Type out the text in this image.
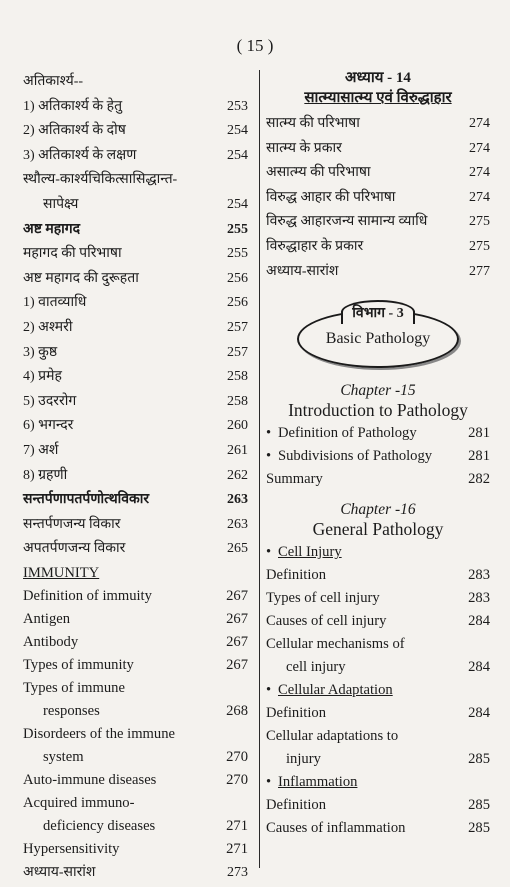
( 15 )
अतिकार्श्य--
1) अतिकार्श्य के हेतु	253
2) अतिकार्श्य के दोष	254
3) अतिकार्श्य के लक्षण	254
स्थौल्य-कार्श्यचिकित्सासिद्धान्त-
सापेक्ष्य	254
अष्ट महागद	255
महागद की परिभाषा	255
अष्ट महागद की दुरूहता	256
1) वातव्याधि	256
2) अश्मरी	257
3) कुष्ठ	257
4) प्रमेह	258
5) उदररोग	258
6) भगन्दर	260
7) अर्श	261
8) ग्रहणी	262
सन्तर्पणापतर्पणोत्थविकार	263
सन्तर्पणजन्य विकार	263
अपतर्पणजन्य विकार	265
IMMUNITY
Definition of immuity	267
Antigen	267
Antibody	267
Types of immunity	267
Types of immune
responses	268
Disordeers of the immune
system	270
Auto-immune diseases	270
Acquired immuno-
deficiency diseases	271
Hypersensitivity	271
अध्याय-सारांश	273
अध्याय - 14
सात्म्यासात्म्य एवं विरुद्धाहार
सात्म्य की परिभाषा	274
सात्म्य के प्रकार	274
असात्म्य की परिभाषा	274
विरुद्ध आहार की परिभाषा	274
विरुद्ध आहारजन्य सामान्य व्याधि	275
विरुद्धाहार के प्रकार	275
अध्याय-सारांश	277
विभाग - 3
Basic Pathology
Chapter -15
Introduction to Pathology
• Definition of Pathology	281
• Subdivisions of Pathology 281
Summary	282
Chapter -16
General Pathology
• Cell Injury
Definition	283
Types of cell injury	283
Causes of cell injury	284
Cellular mechanisms of
cell injury	284
• Cellular Adaptation
Definition	284
Cellular adaptations to
injury	285
• Inflammation
Definition	285
Causes of inflammation	285
